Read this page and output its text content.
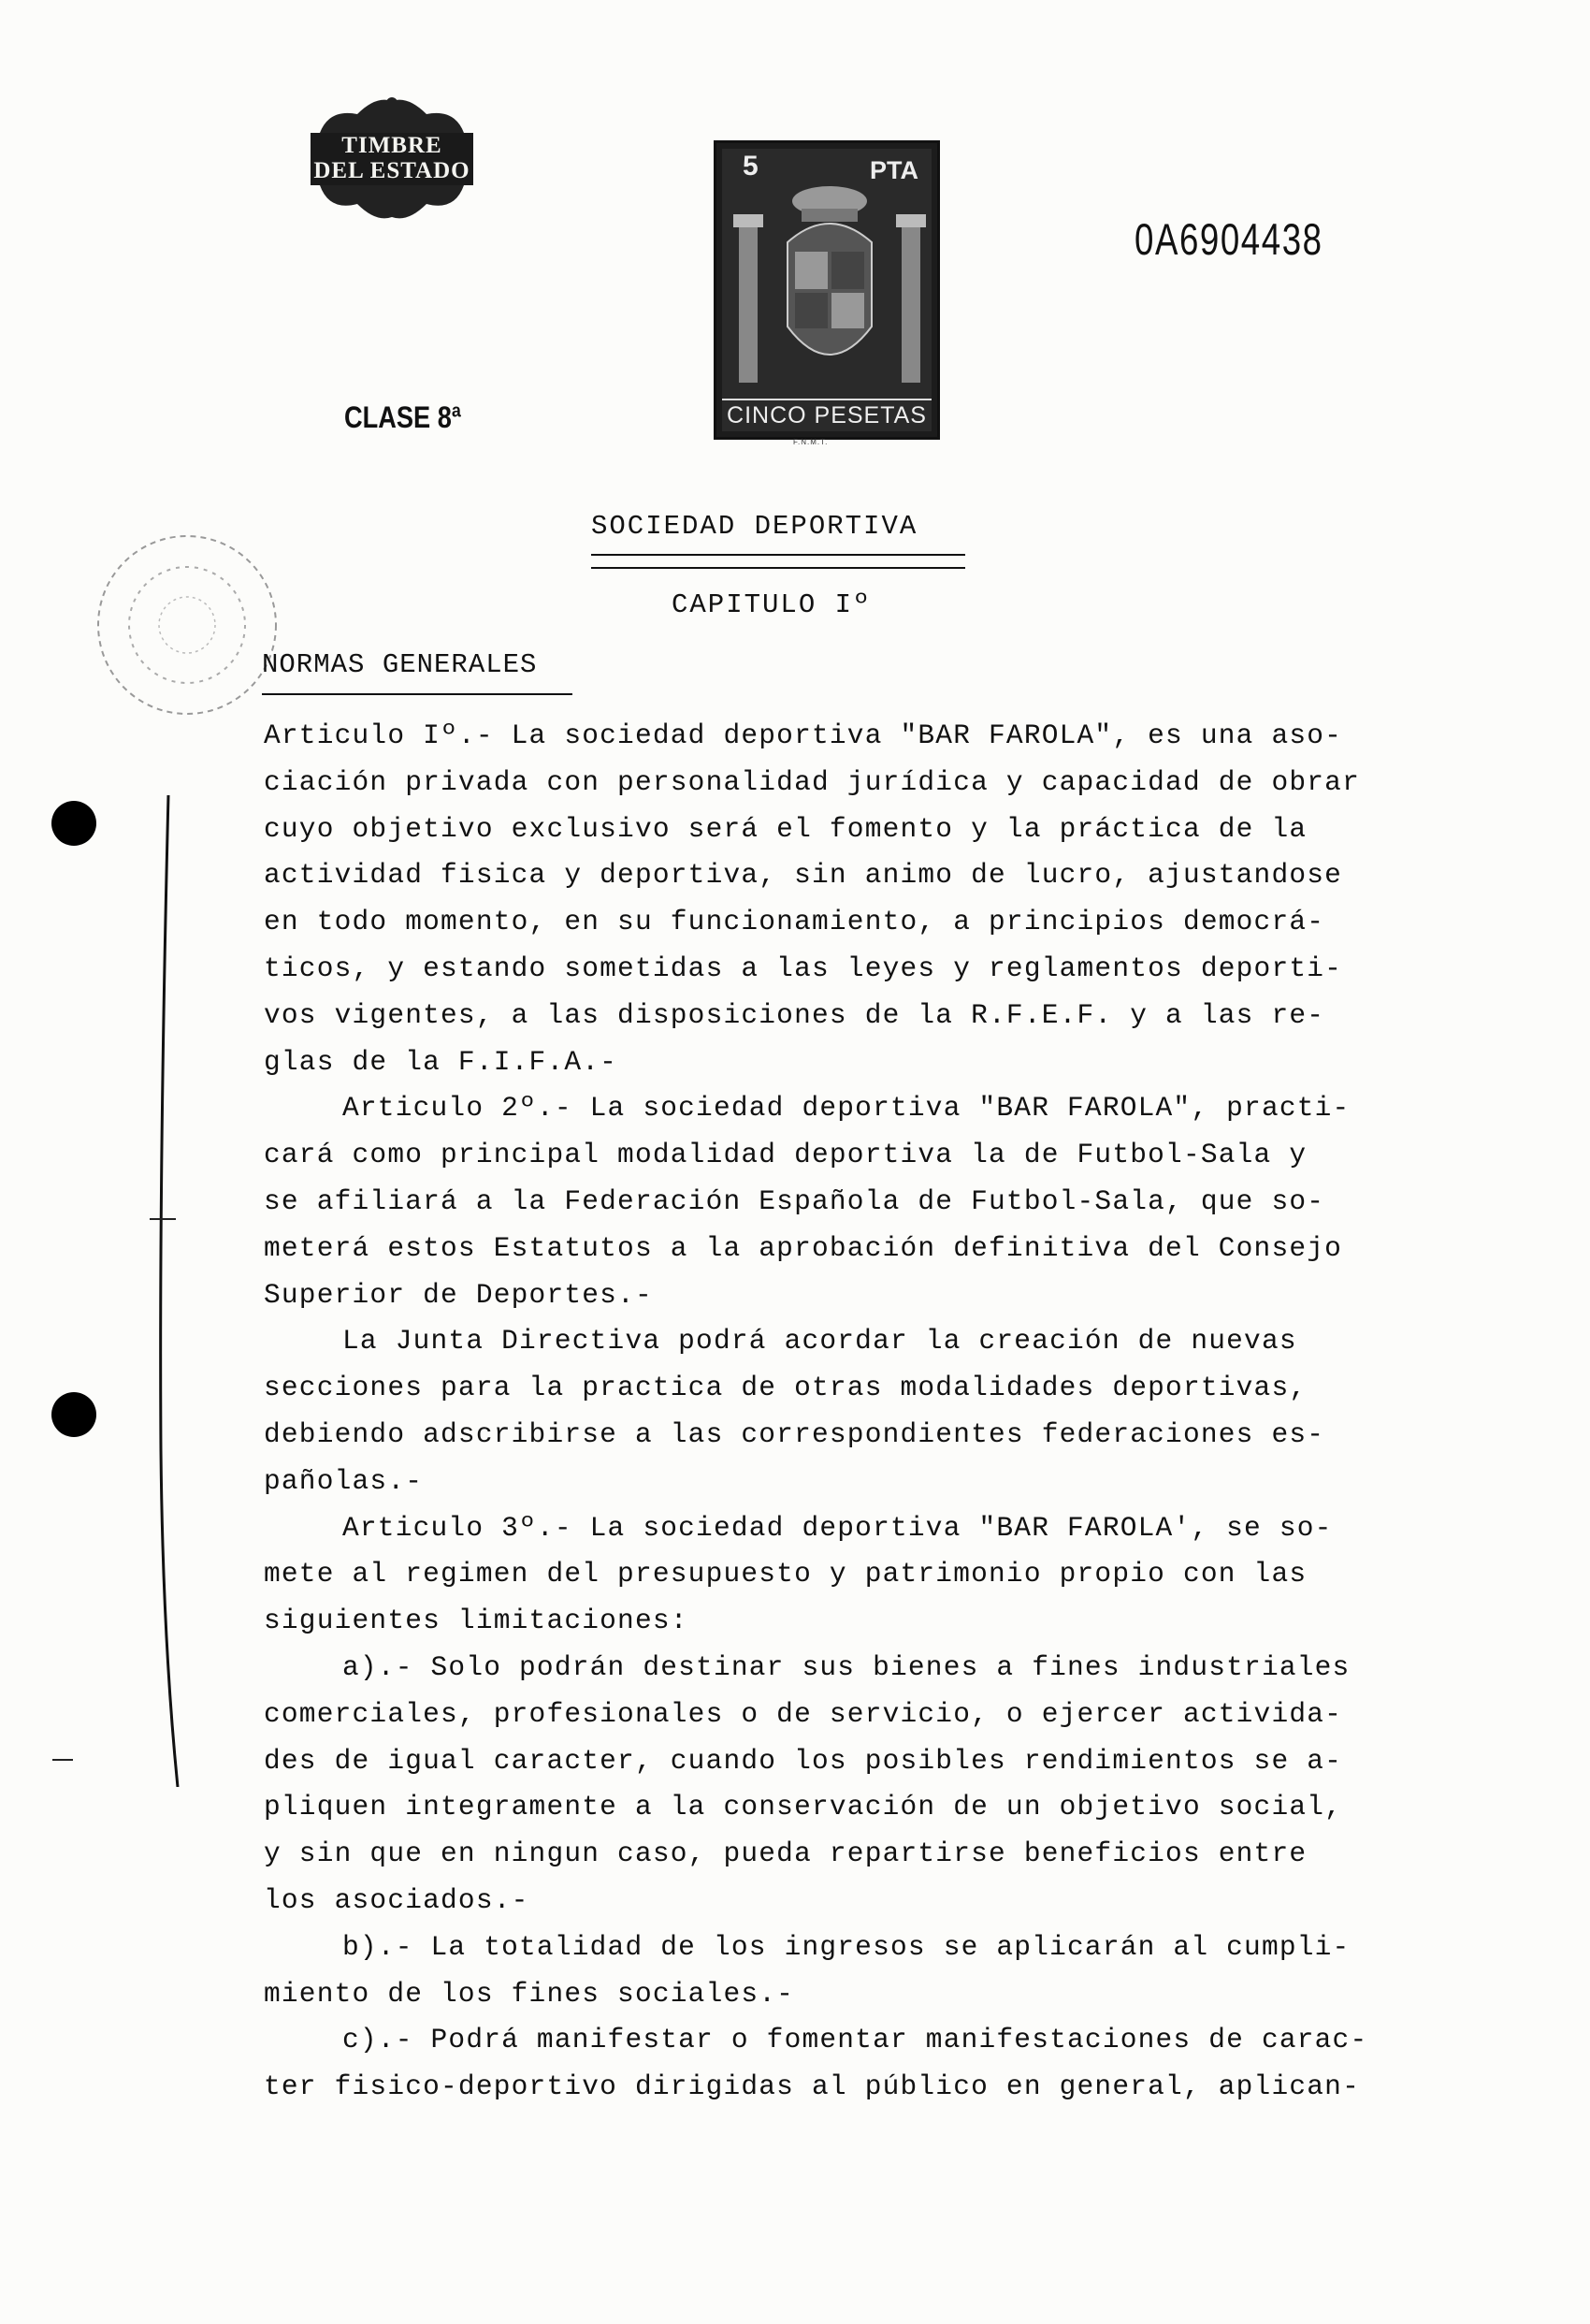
TIMBRE
DEL ESTADO	5	PTA
CINCO PESETAS
F.N.M.T.
0A6904438
CLASE 8ª
SOCIEDAD DEPORTIVA
CAPITULO Iº
NORMAS GENERALES
Articulo Iº.- La sociedad deportiva "BAR FAROLA", es una aso-
ciación privada con personalidad jurídica y capacidad de obrar
cuyo objetivo exclusivo será el fomento y la práctica de la
actividad fisica y deportiva, sin animo de lucro, ajustandose
en todo momento, en su funcionamiento, a principios democrá-
ticos, y estando sometidas a las leyes y reglamentos deporti-
vos vigentes, a las disposiciones de la R.F.E.F. y a las re-
glas de la F.I.F.A.-
Articulo 2º.- La sociedad deportiva "BAR FAROLA", practi-
cará como principal modalidad deportiva la de Futbol-Sala y
se afiliará a la Federación Española de Futbol-Sala, que so-
meterá estos Estatutos a la aprobación definitiva del Consejo
Superior de Deportes.-
La Junta Directiva podrá acordar la creación de nuevas
secciones para la practica de otras modalidades deportivas,
debiendo adscribirse a las correspondientes federaciones es-
pañolas.-
Articulo 3º.- La sociedad deportiva "BAR FAROLA', se so-
mete al regimen del presupuesto y patrimonio propio con las
siguientes limitaciones:
a).- Solo podrán destinar sus bienes a fines industriales
comerciales, profesionales o de servicio, o ejercer activida-
des de igual caracter, cuando los posibles rendimientos se a-
pliquen integramente a la conservación de un objetivo social,
y sin que en ningun caso, pueda repartirse beneficios entre
los asociados.-
b).- La totalidad de los ingresos se aplicarán al cumpli-
miento de los fines sociales.-
c).- Podrá manifestar o fomentar manifestaciones de carac-
ter fisico-deportivo dirigidas al público en general, aplican-
